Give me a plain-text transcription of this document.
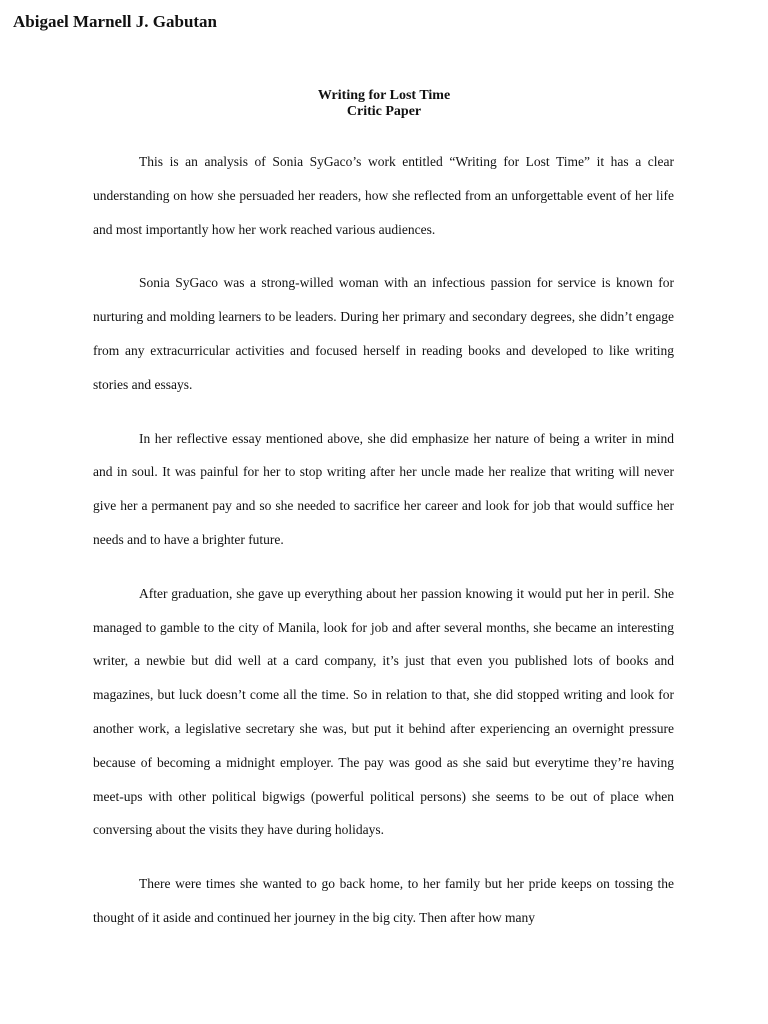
Abigael Marnell J. Gabutan

Writing for Lost Time
Critic Paper

This is an analysis of Sonia SyGaco’s work entitled “Writing for Lost Time” it has a clear understanding on how she persuaded her readers, how she reflected from an unforgettable event of her life and most importantly how her work reached various audiences.

Sonia SyGaco was a strong-willed woman with an infectious passion for service is known for nurturing and molding learners to be leaders. During her primary and secondary degrees, she didn’t engage from any extracurricular activities and focused herself in reading books and developed to like writing stories and essays.

In her reflective essay mentioned above, she did emphasize her nature of being a writer in mind and in soul. It was painful for her to stop writing after her uncle made her realize that writing will never give her a permanent pay and so she needed to sacrifice her career and look for job that would suffice her needs and to have a brighter future.

After graduation, she gave up everything about her passion knowing it would put her in peril. She managed to gamble to the city of Manila, look for job and after several months, she became an interesting writer, a newbie but did well at a card company, it’s just that even you published lots of books and magazines, but luck doesn’t come all the time. So in relation to that, she did stopped writing and look for another work, a legislative secretary she was, but put it behind after experiencing an overnight pressure because of becoming a midnight employer. The pay was good as she said but everytime they’re having meet-ups with other political bigwigs (powerful political persons) she seems to be out of place when conversing about the visits they have during holidays.

There were times she wanted to go back home, to her family but her pride keeps on tossing the thought of it aside and continued her journey in the big city. Then after how many
